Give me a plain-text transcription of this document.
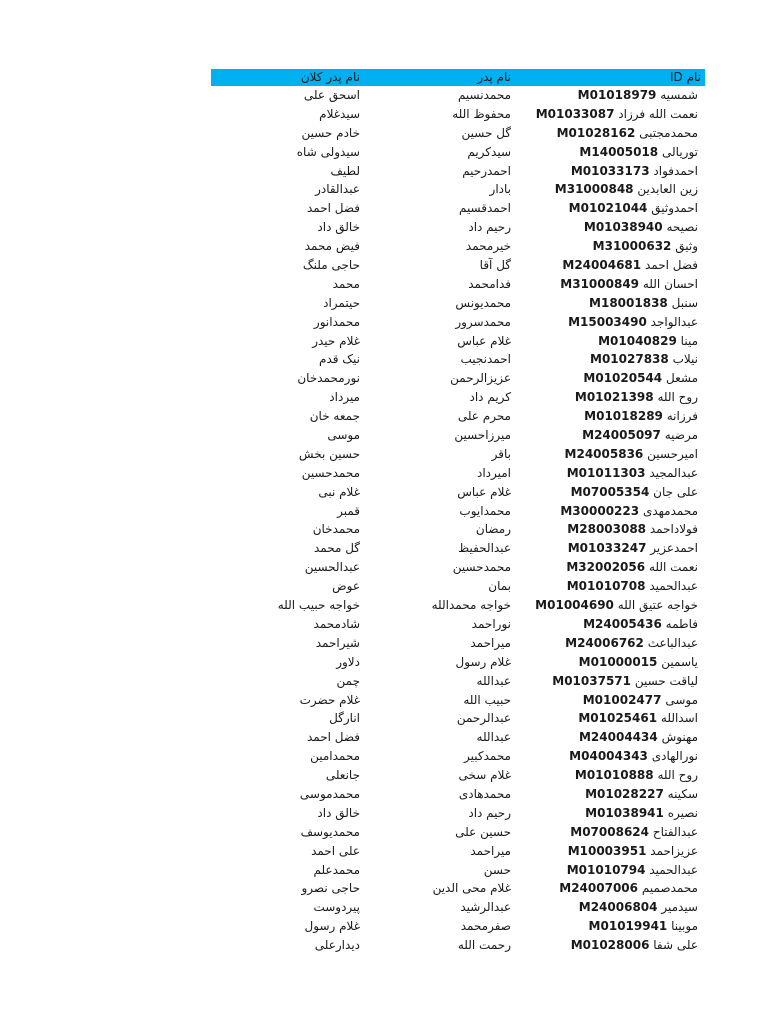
ID نام
نام پدر
نام پدر کلان
M01018979 شمسیه
محمدنسیم
اسحق علی
M01033087 نعمت الله فرزاد
محفوظ الله
سیدغلام
M01028162 محمدمجتبی
گل حسین
خادم حسین
M14005018 توریالی
سیدکریم
سیدولی شاه
M01033173 احمدفواد
احمدرحیم
لطیف
M31000848 زین العابدین
بادار
عبدالقادر
M01021044 احمدوثیق
احمدقسیم
فضل احمد
M01038940 نصیحه
رحیم داد
خالق داد
M31000632 وثیق
خیرمحمد
فیض محمد
M24004681 فضل احمد
گل آقا
حاجی ملنگ
M31000849 احسان الله
فدامحمد
محمد
M18001838 سنبل
محمدیونس
حیتمراد
M15003490 عبدالواجد
محمدسرور
محمدانور
M01040829 مینا
غلام عباس
غلام حیدر
M01027838 نیلاب
احمدنجیب
نیک قدم
M01020544 مشعل
عزیزالرحمن
نورمحمدخان
M01021398 روح الله
کریم داد
میرداد
M01018289 فرزانه
محرم علی
جمعه خان
M24005097 مرضیه
میرزاحسین
موسی
M24005836 امیرحسین
باقر
حسین بخش
M01011303 عبدالمجید
امیرداد
محمدحسین
M07005354 علی جان
غلام عباس
غلام نبی
M30000223 محمدمهدی
محمدایوب
قمبر
M28003088 فولاداحمد
رمضان
محمدخان
M01033247 احمدعزیر
عبدالحفیظ
گل محمد
M32002056 نعمت الله
محمدحسین
عبدالحسین
M01010708 عبدالحمید
بمان
عوض
M01004690 خواجه عتیق الله
خواجه محمدالله
خواجه حبیب الله
M24005436 فاطمه
نوراحمد
شادمحمد
M24006762 عبدالباعث
میراحمد
شیراحمد
M01000015 یاسمین
غلام رسول
دلاور
M01037571 لیاقت حسین
عبدالله
چمن
M01002477 موسی
حبیب الله
غلام حضرت
M01025461 اسدالله
عبدالرحمن
انارگل
M24004434 مهنوش
عبدالله
فضل احمد
M04004343 نورالهادی
محمدکبیر
محمدامین
M01010888 روح الله
غلام سخی
جانعلی
M01028227 سکینه
محمدهادی
محمدموسی
M01038941 نصیره
رحیم داد
خالق داد
M07008624 عبدالفتاح
حسین علی
محمدیوسف
M10003951 عزیزاحمد
میراحمد
علی احمد
M01010794 عبدالحمید
حسن
محمدعلم
M24007006 محمدصمیم
غلام محی الدین
حاجی نصرو
M24006804 سیدمیر
عبدالرشید
پیردوست
M01019941 موبینا
صفرمحمد
غلام رسول
M01028006 علی شفا
رحمت الله
دیدارعلی
